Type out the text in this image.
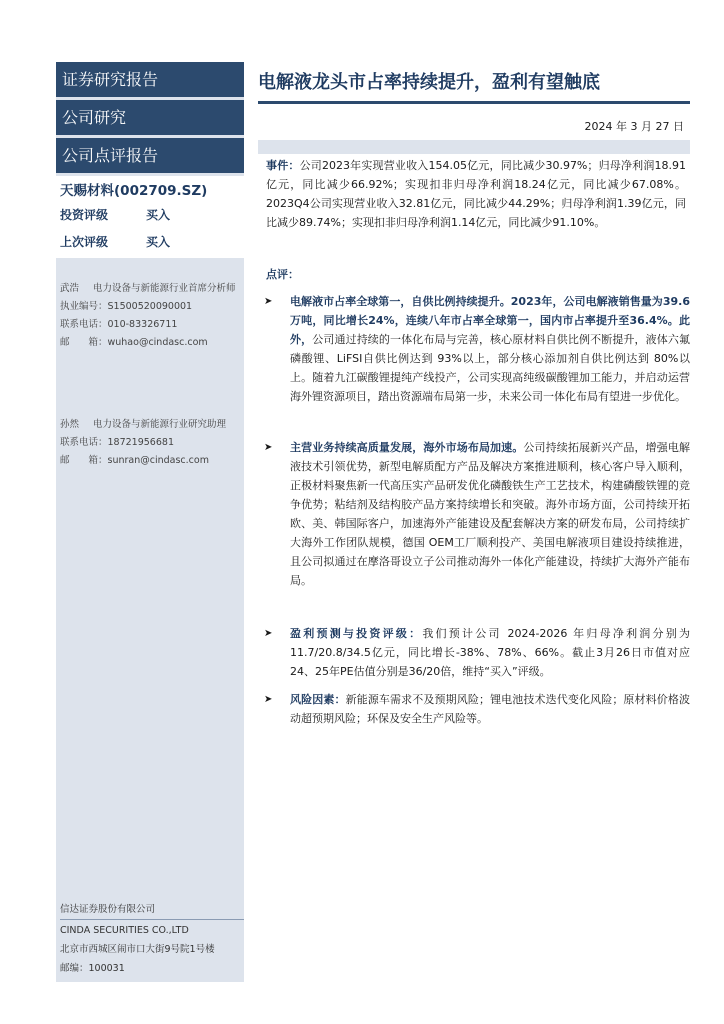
证券研究报告
公司研究
公司点评报告
天赐材料(002709.SZ)
投资评级	买入
上次评级	买入
武浩 电力设备与新能源行业首席分析师
执业编号：S1500520090001
联系电话：010-83326711
邮　　箱：wuhao@cindasc.com
孙然 电力设备与新能源行业研究助理
联系电话：18721956681
邮　　箱：sunran@cindasc.com
信达证券股份有限公司
CINDA SECURITIES CO.,LTD
北京市西城区闹市口大街9号院1号楼
邮编：100031
电解液龙头市占率持续提升，盈利有望触底
2024 年 3 月 27 日
事件：公司2023年实现营业收入154.05亿元，同比减少30.97%；归母净利润18.91亿元，同比减少66.92%；实现扣非归母净利润18.24亿元，同比减少67.08%。2023Q4公司实现营业收入32.81亿元，同比减少44.29%；归母净利润1.39亿元，同比减少89.74%；实现扣非归母净利润1.14亿元，同比减少91.10%。
点评：
➤	电解液市占率全球第一，自供比例持续提升。2023年，公司电解液销售量为39.6万吨，同比增长24%，连续八年市占率全球第一，国内市占率提升至36.4%。此外，公司通过持续的一体化布局与完善，核心原材料自供比例不断提升，液体六氟磷酸锂、LiFSI自供比例达到 93%以上，部分核心添加剂自供比例达到 80%以上。随着九江碳酸锂提纯产线投产，公司实现高纯级碳酸锂加工能力，并启动运营海外锂资源项目，踏出资源端布局第一步，未来公司一体化布局有望进一步优化。
➤	主营业务持续高质量发展，海外市场布局加速。公司持续拓展新兴产品，增强电解液技术引领优势，新型电解质配方产品及解决方案推进顺利，核心客户导入顺利，正极材料聚焦新一代高压实产品研发优化磷酸铁生产工艺技术，构建磷酸铁锂的竞争优势；粘结剂及结构胶产品方案持续增长和突破。海外市场方面，公司持续开拓欧、美、韩国际客户，加速海外产能建设及配套解决方案的研发布局，公司持续扩大海外工作团队规模，德国 OEM工厂顺利投产、美国电解液项目建设持续推进，且公司拟通过在摩洛哥设立子公司推动海外一体化产能建设，持续扩大海外产能布局。
➤	盈利预测与投资评级：我们预计公司 2024-2026 年归母净利润分别为11.7/20.8/34.5亿元，同比增长-38%、78%、66%。截止3月26日市值对应 24、25年PE估值分别是36/20倍，维持“买入”评级。
➤	风险因素：新能源车需求不及预期风险；锂电池技术迭代变化风险；原材料价格波动超预期风险；环保及安全生产风险等。
